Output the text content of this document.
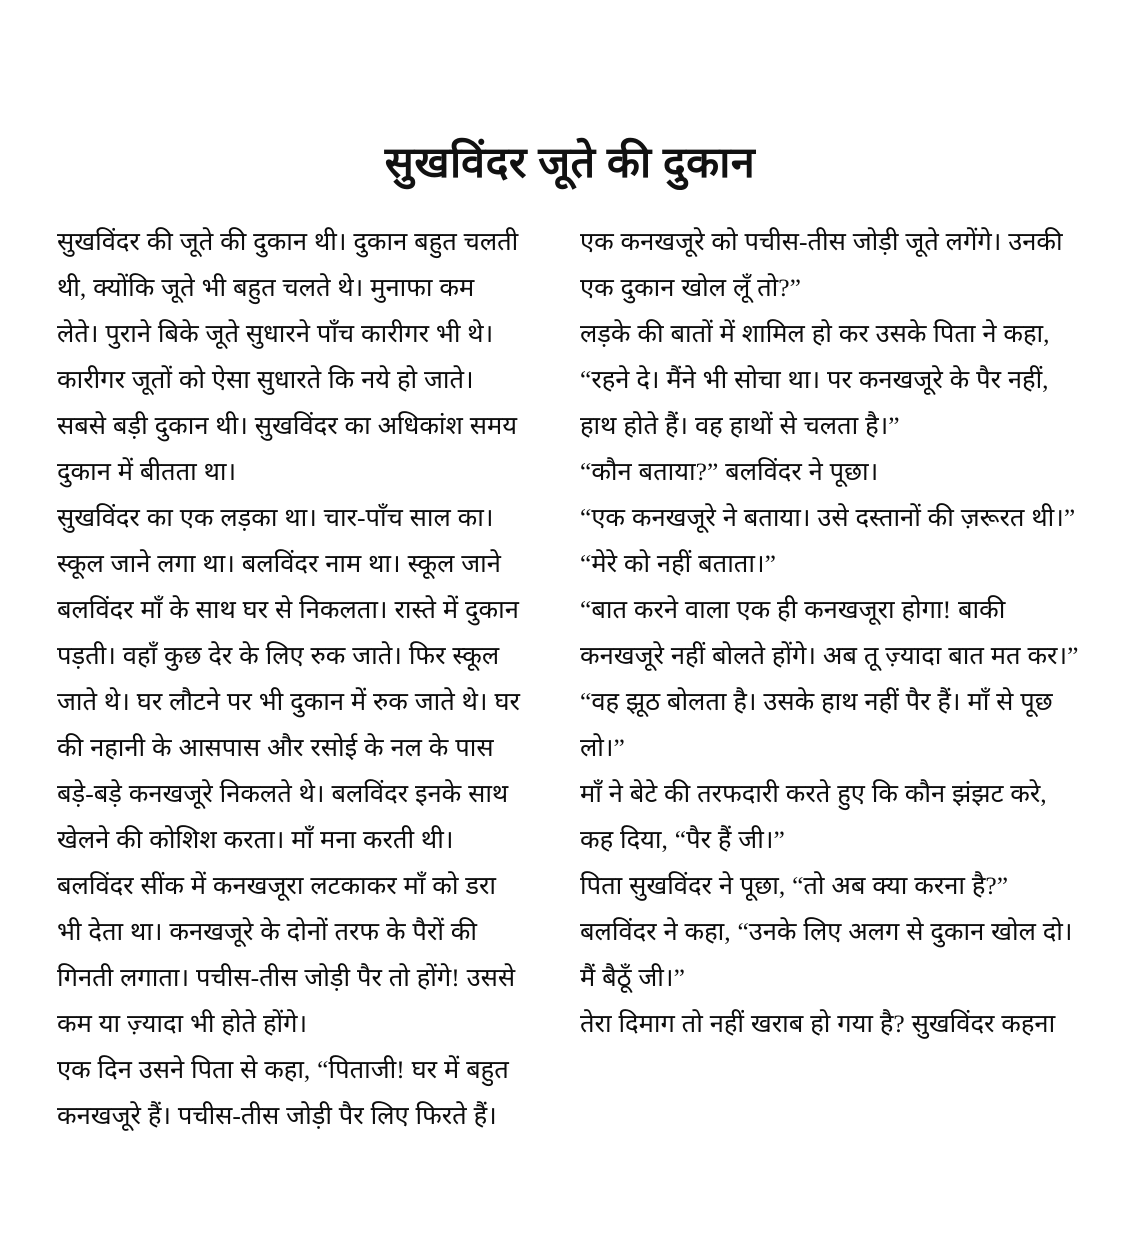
सुखविंदर जूते की दुकान

सुखविंदर की जूते की दुकान थी। दुकान बहुत चलती थी, क्योंकि जूते भी बहुत चलते थे। मुनाफा कम लेते। पुराने बिके जूते सुधारने पाँच कारीगर भी थे। कारीगर जूतों को ऐसा सुधारते कि नये हो जाते। सबसे बड़ी दुकान थी। सुखविंदर का अधिकांश समय दुकान में बीतता था।

सुखविंदर का एक लड़का था। चार-पाँच साल का। स्कूल जाने लगा था। बलविंदर नाम था। स्कूल जाने बलविंदर माँ के साथ घर से निकलता। रास्ते में दुकान पड़ती। वहाँ कुछ देर के लिए रुक जाते। फिर स्कूल जाते थे। घर लौटने पर भी दुकान में रुक जाते थे। घर की नहानी के आसपास और रसोई के नल के पास बड़े-बड़े कनखजूरे निकलते थे। बलविंदर इनके साथ खेलने की कोशिश करता। माँ मना करती थी।

बलविंदर सींक में कनखजूरा लटकाकर माँ को डरा भी देता था। कनखजूरे के दोनों तरफ के पैरों की गिनती लगाता। पचीस-तीस जोड़ी पैर तो होंगे! उससे कम या ज़्यादा भी होते होंगे।

एक दिन उसने पिता से कहा, “पिताजी! घर में बहुत कनखजूरे हैं। पचीस-तीस जोड़ी पैर लिए फिरते हैं।

एक कनखजूरे को पचीस-तीस जोड़ी जूते लगेंगे। उनकी एक दुकान खोल लूँ तो?”

लड़के की बातों में शामिल हो कर उसके पिता ने कहा, “रहने दे। मैंने भी सोचा था। पर कनखजूरे के पैर नहीं, हाथ होते हैं। वह हाथों से चलता है।”

“कौन बताया?” बलविंदर ने पूछा।

“एक कनखजूरे ने बताया। उसे दस्तानों की ज़रूरत थी।”

“मेरे को नहीं बताता।”

“बात करने वाला एक ही कनखजूरा होगा! बाकी कनखजूरे नहीं बोलते होंगे। अब तू ज़्यादा बात मत कर।”

“वह झूठ बोलता है। उसके हाथ नहीं पैर हैं। माँ से पूछ लो।”

माँ ने बेटे की तरफदारी करते हुए कि कौन झंझट करे, कह दिया, “पैर हैं जी।”

पिता सुखविंदर ने पूछा, “तो अब क्या करना है?”

बलविंदर ने कहा, “उनके लिए अलग से दुकान खोल दो। मैं बैठूँ जी।”

तेरा दिमाग तो नहीं खराब हो गया है? सुखविंदर कहना
